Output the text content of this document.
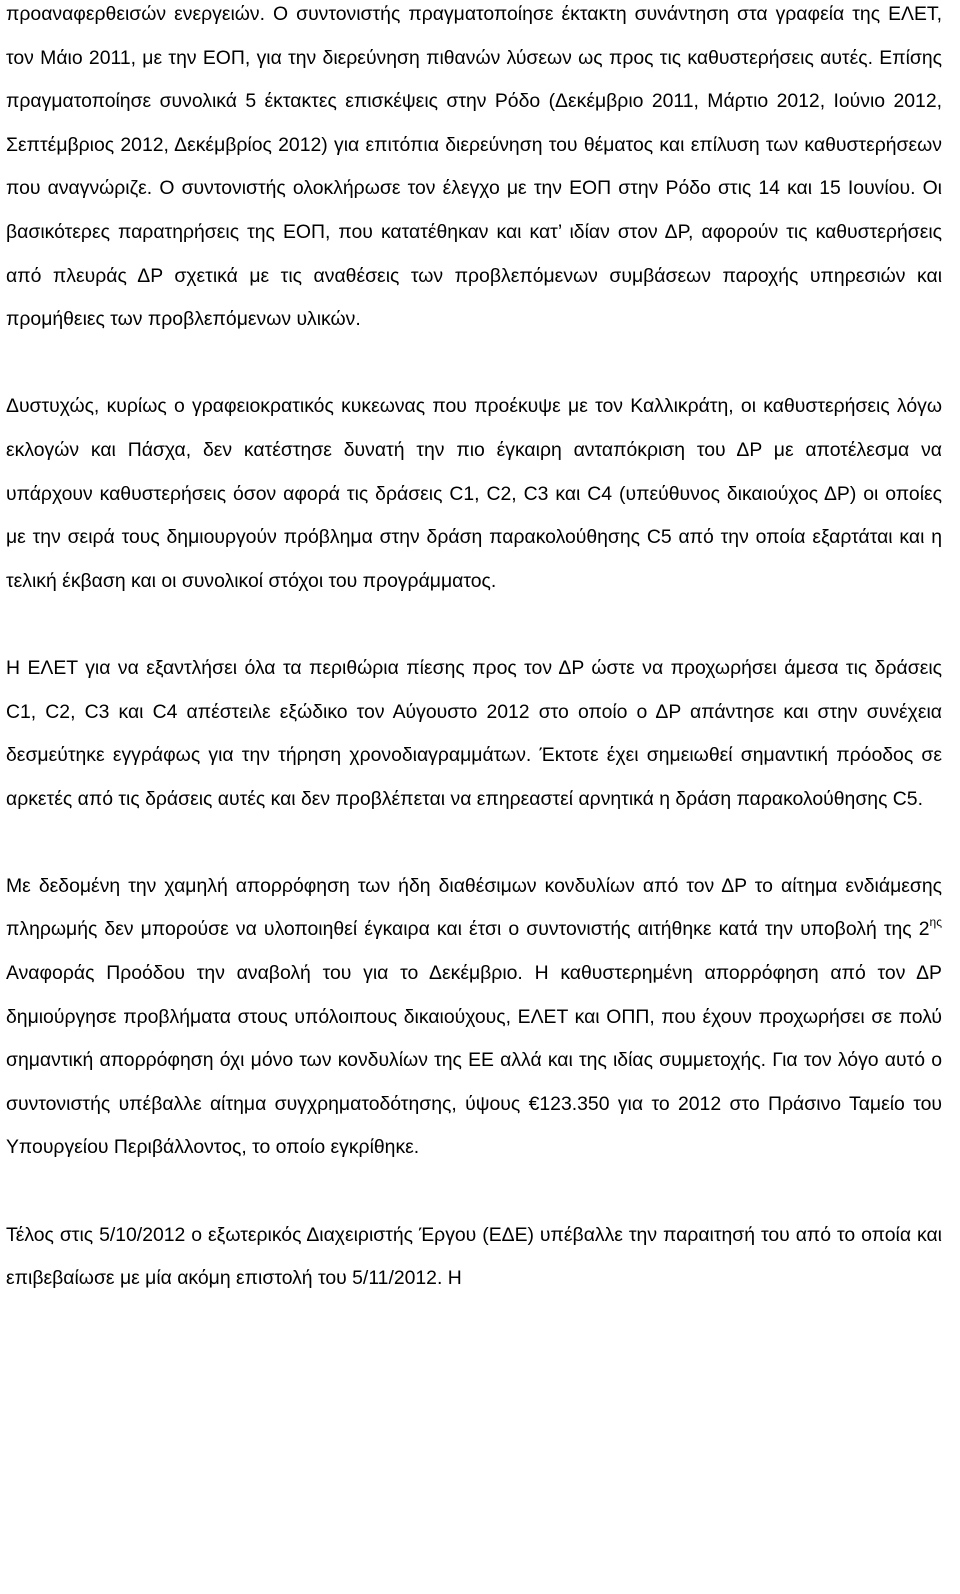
προαναφερθεισών ενεργειών. Ο συντονιστής πραγματοποίησε έκτακτη συνάντηση στα γραφεία της ΕΛΕΤ, τον Μάιο 2011, με την ΕΟΠ, για την διερεύνηση πιθανών λύσεων ως προς τις καθυστερήσεις αυτές. Επίσης πραγματοποίησε συνολικά 5 έκτακτες επισκέψεις στην Ρόδο (Δεκέμβριο 2011, Μάρτιο 2012, Ιούνιο 2012, Σεπτέμβριος 2012, Δεκέμβρίος 2012) για επιτόπια διερεύνηση του θέματος και επίλυση των καθυστερήσεων που αναγνώριζε. Ο συντονιστής ολοκλήρωσε τον έλεγχο με την ΕΟΠ στην Ρόδο στις 14 και 15 Ιουνίου. Οι βασικότερες παρατηρήσεις της ΕΟΠ, που κατατέθηκαν και κατ’ ιδίαν στον ΔΡ, αφορούν τις καθυστερήσεις από πλευράς ΔΡ σχετικά με τις αναθέσεις των προβλεπόμενων συμβάσεων παροχής υπηρεσιών και προμήθειες των προβλεπόμενων υλικών.

Δυστυχώς, κυρίως ο γραφειοκρατικός κυκεωνας που προέκυψε με τον Καλλικράτη, οι καθυστερήσεις λόγω εκλογών και Πάσχα, δεν κατέστησε δυνατή την πιο έγκαιρη ανταπόκριση του ΔΡ με αποτέλεσμα να υπάρχουν καθυστερήσεις όσον αφορά τις δράσεις C1, C2, C3 και C4 (υπεύθυνος δικαιούχος ΔΡ) οι οποίες με την σειρά τους δημιουργούν πρόβλημα στην δράση παρακολούθησης C5 από την οποία εξαρτάται και η τελική έκβαση και οι συνολικοί στόχοι του προγράμματος.

Η ΕΛΕΤ για να εξαντλήσει όλα τα περιθώρια πίεσης προς τον ΔΡ ώστε να προχωρήσει άμεσα τις δράσεις C1, C2, C3 και C4 απέστειλε εξώδικο τον Αύγουστο 2012 στο οποίο ο ΔΡ απάντησε και στην συνέχεια δεσμεύτηκε εγγράφως για την τήρηση χρονοδιαγραμμάτων. Έκτοτε έχει σημειωθεί σημαντική πρόοδος σε αρκετές από τις δράσεις αυτές και δεν προβλέπεται να επηρεαστεί αρνητικά η δράση παρακολούθησης C5.

Με δεδομένη την χαμηλή απορρόφηση των ήδη διαθέσιμων κονδυλίων από τον ΔΡ το αίτημα ενδιάμεσης πληρωμής δεν μπορούσε να υλοποιηθεί έγκαιρα και έτσι ο συντονιστής αιτήθηκε κατά την υποβολή της $2^{\eta\varsigma}$ Αναφοράς Προόδου την αναβολή του για το Δεκέμβριο. Η καθυστερημένη απορρόφηση από τον ΔΡ δημιούργησε προβλήματα στους υπόλοιπους δικαιούχους, ΕΛΕΤ και ΟΠΠ, που έχουν προχωρήσει σε πολύ σημαντική απορρόφηση όχι μόνο των κονδυλίων της ΕΕ αλλά και της ιδίας συμμετοχής. Για τον λόγο αυτό ο συντονιστής υπέβαλλε αίτημα συγχρηματοδότησης, ύψους €123.350 για το 2012 στο Πράσινο Ταμείο του Υπουργείου Περιβάλλοντος, το οποίο εγκρίθηκε.

Τέλος στις 5/10/2012 ο εξωτερικός Διαχειριστής Έργου (ΕΔΕ) υπέβαλλε την παραιτησή του από το οποία και επιβεβαίωσε με μία ακόμη επιστολή του 5/11/2012. Η
